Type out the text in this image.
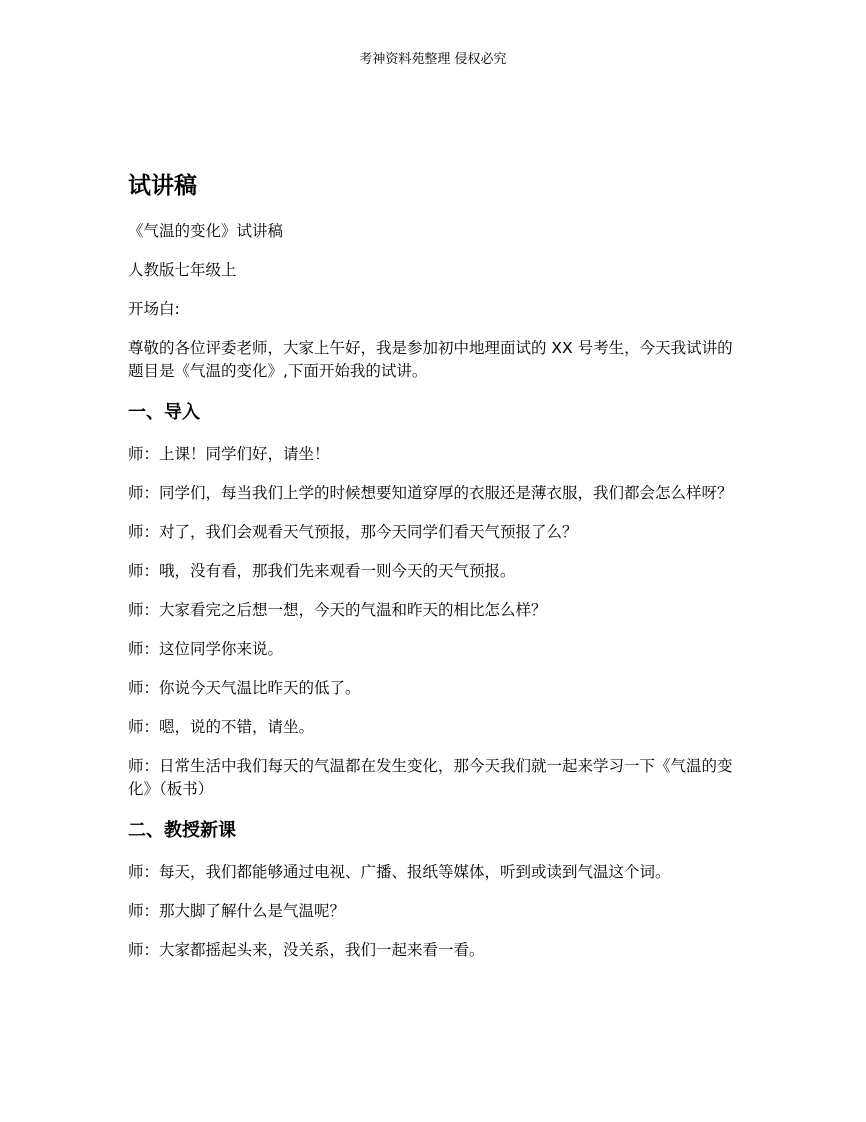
考神资料苑整理 侵权必究
试讲稿
《气温的变化》试讲稿
人教版七年级上
开场白:
尊敬的各位评委老师，大家上午好，我是参加初中地理面试的 XX 号考生，今天我试讲的题目是《气温的变化》,下面开始我的试讲。
一、导入
师：上课！同学们好，请坐！
师：同学们，每当我们上学的时候想要知道穿厚的衣服还是薄衣服，我们都会怎么样呀？
师：对了，我们会观看天气预报，那今天同学们看天气预报了么？
师：哦，没有看，那我们先来观看一则今天的天气预报。
师：大家看完之后想一想，今天的气温和昨天的相比怎么样？
师：这位同学你来说。
师：你说今天气温比昨天的低了。
师：嗯，说的不错，请坐。
师：日常生活中我们每天的气温都在发生变化，那今天我们就一起来学习一下《气温的变化》（板书）
二、教授新课
师：每天，我们都能够通过电视、广播、报纸等媒体，听到或读到气温这个词。
师：那大脚了解什么是气温呢？
师：大家都摇起头来，没关系，我们一起来看一看。
